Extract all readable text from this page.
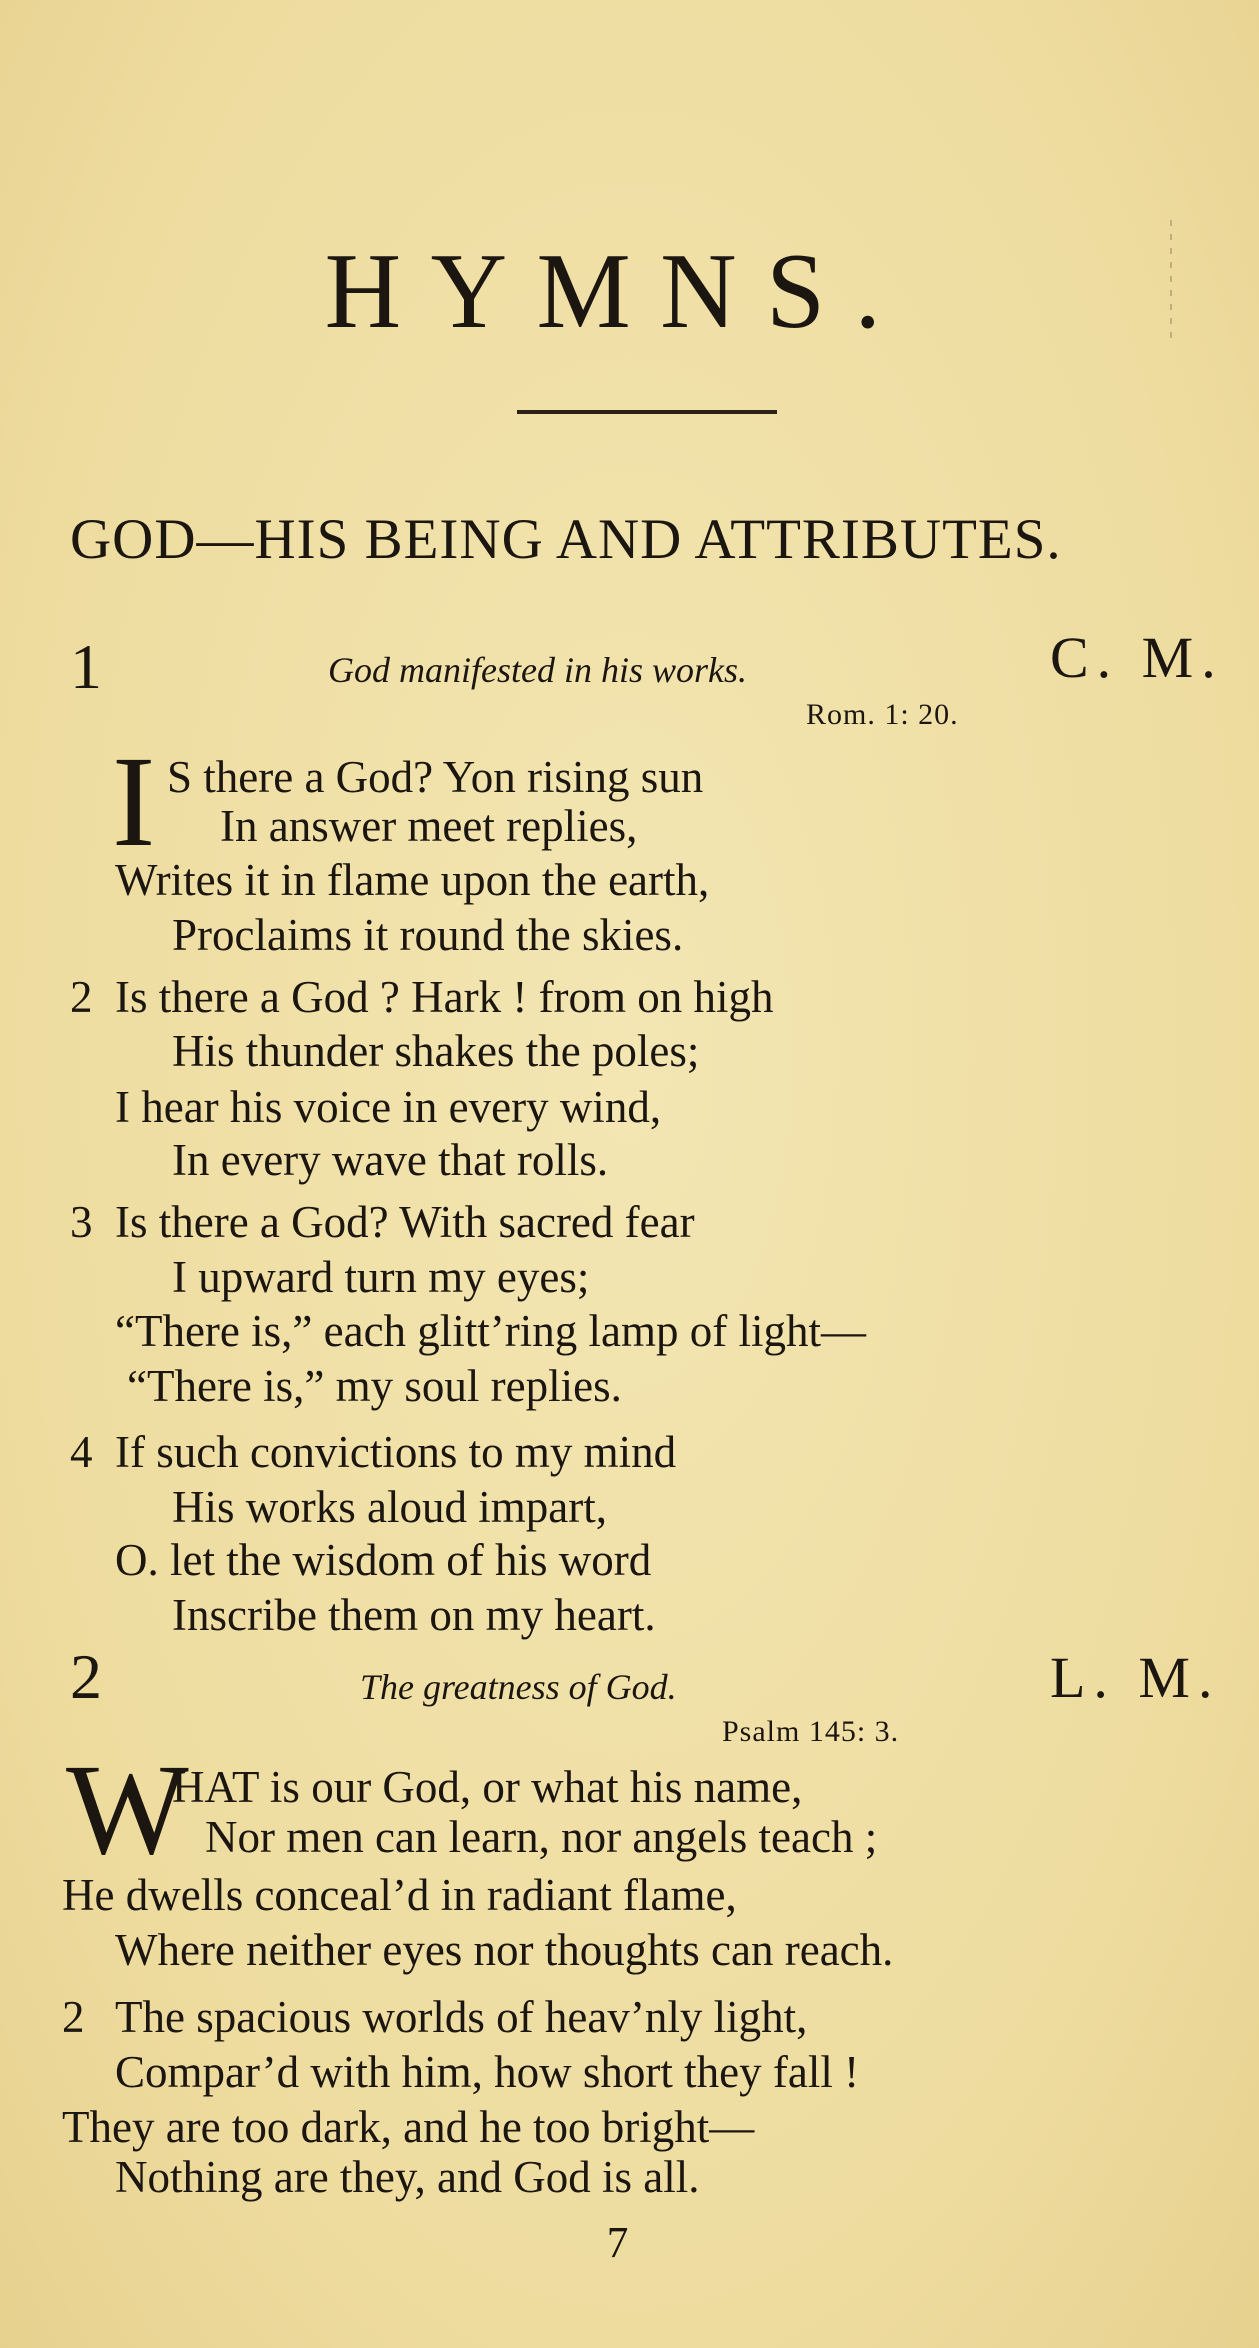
HYMNS.
GOD—HIS BEING AND ATTRIBUTES.
1	God manifested in his works.	C. M.
Rom. 1: 20.
I S there a God? Yon rising sun
In answer meet replies,
Writes it in flame upon the earth,
Proclaims it round the skies.
2 Is there a God ? Hark ! from on high
His thunder shakes the poles;
I hear his voice in every wind,
In every wave that rolls.
3 Is there a God? With sacred fear
I upward turn my eyes;
“There is,” each glitt’ring lamp of light—
“There is,” my soul replies.
4 If such convictions to my mind
His works aloud impart,
O. let the wisdom of his word
Inscribe them on my heart.
2	The greatness of God.	L. M.
Psalm 145: 3.
W
HAT is our God, or what his name,
Nor men can learn, nor angels teach ;
He dwells conceal’d in radiant flame,
Where neither eyes nor thoughts can reach.
2 The spacious worlds of heav’nly light,
Compar’d with him, how short they fall !
They are too dark, and he too bright—
Nothing are they, and God is all.
7
